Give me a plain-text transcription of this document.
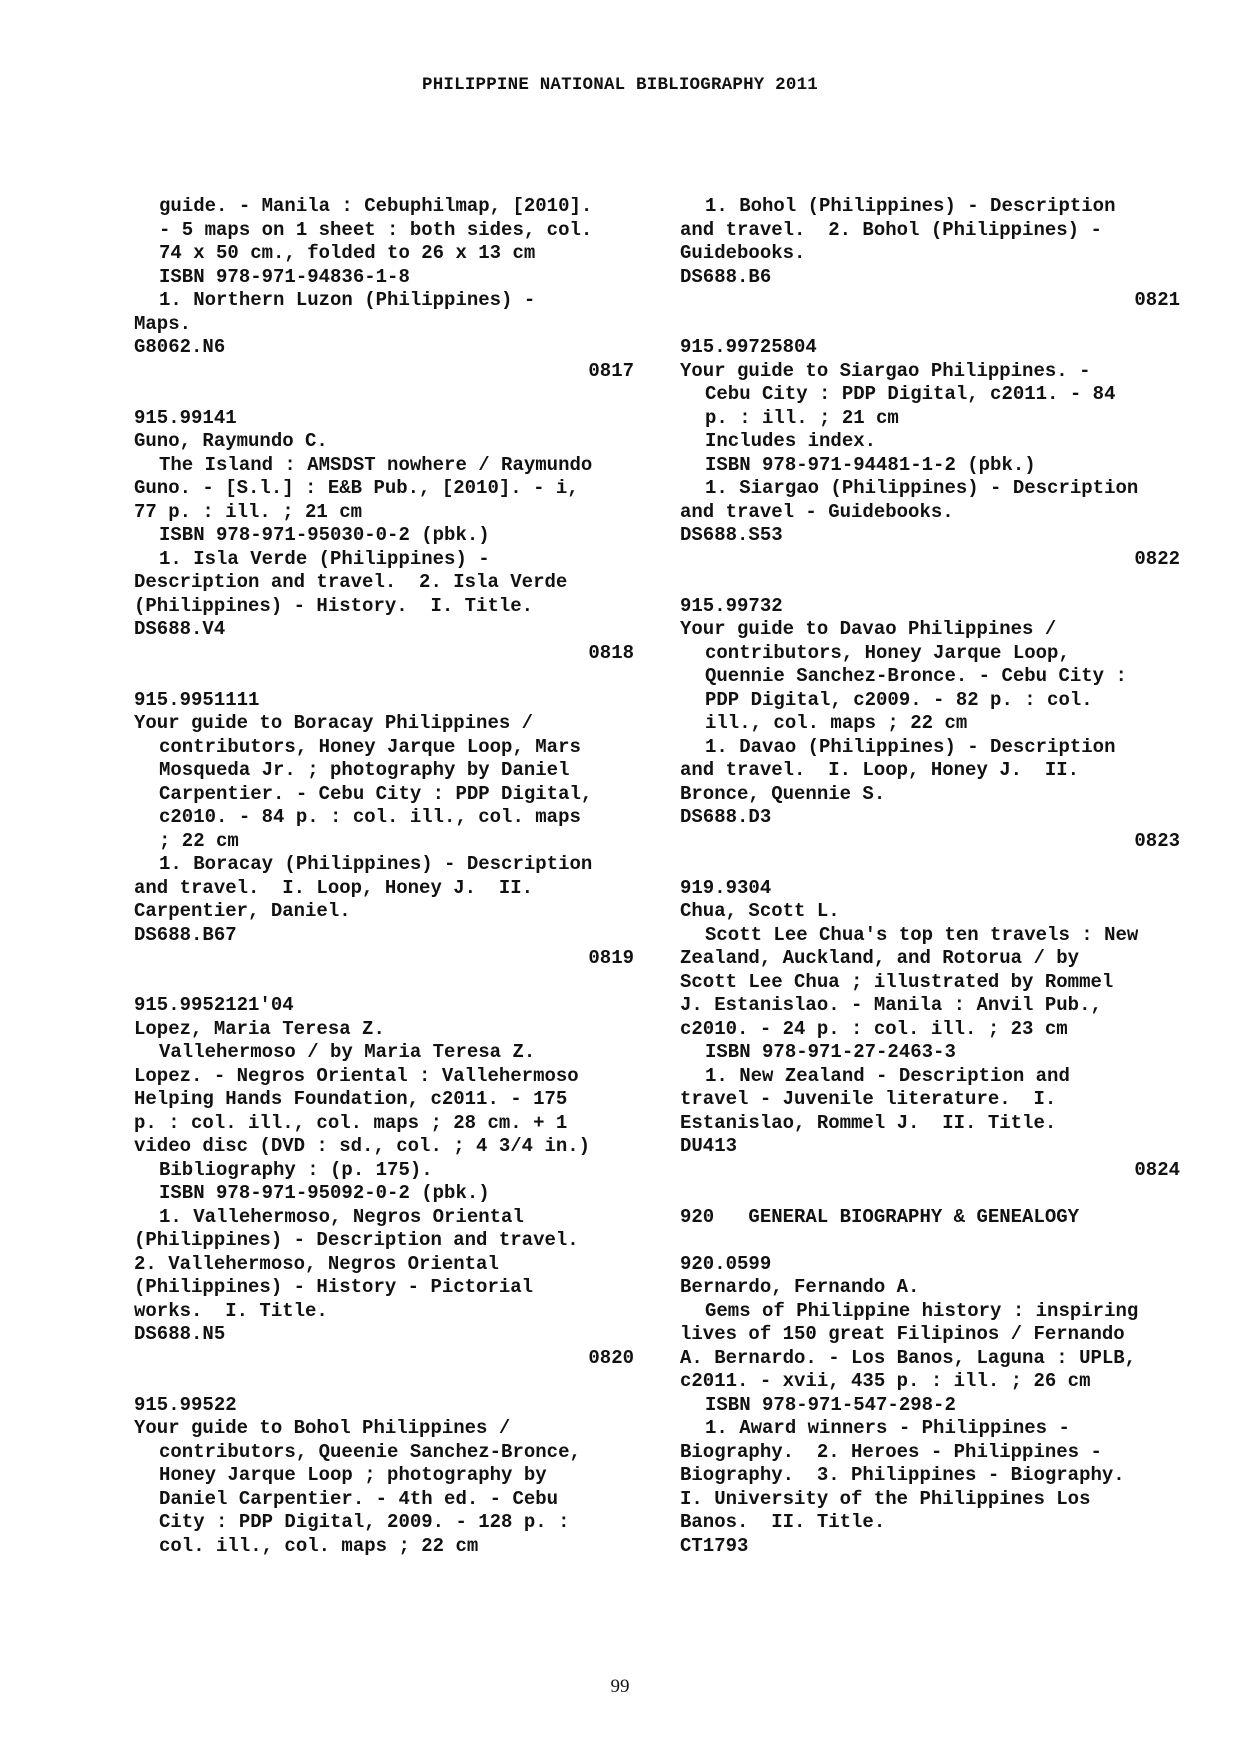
PHILIPPINE NATIONAL BIBLIOGRAPHY 2011
guide. - Manila : Cebuphilmap, [2010].
- 5 maps on 1 sheet : both sides, col.
74 x 50 cm., folded to 26 x 13 cm
ISBN 978-971-94836-1-8
1. Northern Luzon (Philippines) -
Maps.
G8062.N6
0817
915.99141
Guno, Raymundo C.
The Island : AMSDST nowhere / Raymundo
Guno. - [S.l.] : E&B Pub., [2010]. - i,
77 p. : ill. ; 21 cm
ISBN 978-971-95030-0-2 (pbk.)
1. Isla Verde (Philippines) -
Description and travel.  2. Isla Verde
(Philippines) - History.  I. Title.
DS688.V4
0818
915.9951111
Your guide to Boracay Philippines /
contributors, Honey Jarque Loop, Mars
Mosqueda Jr. ; photography by Daniel
Carpentier. - Cebu City : PDP Digital,
c2010. - 84 p. : col. ill., col. maps
; 22 cm
1. Boracay (Philippines) - Description
and travel.  I. Loop, Honey J.  II.
Carpentier, Daniel.
DS688.B67
0819
915.9952121'04
Lopez, Maria Teresa Z.
Vallehermoso / by Maria Teresa Z.
Lopez. - Negros Oriental : Vallehermoso
Helping Hands Foundation, c2011. - 175
p. : col. ill., col. maps ; 28 cm. + 1
video disc (DVD : sd., col. ; 4 3/4 in.)
Bibliography : (p. 175).
ISBN 978-971-95092-0-2 (pbk.)
1. Vallehermoso, Negros Oriental
(Philippines) - Description and travel.
2. Vallehermoso, Negros Oriental
(Philippines) - History - Pictorial
works.  I. Title.
DS688.N5
0820
915.99522
Your guide to Bohol Philippines /
contributors, Queenie Sanchez-Bronce,
Honey Jarque Loop ; photography by
Daniel Carpentier. - 4th ed. - Cebu
City : PDP Digital, 2009. - 128 p. :
col. ill., col. maps ; 22 cm
1. Bohol (Philippines) - Description
and travel.  2. Bohol (Philippines) -
Guidebooks.
DS688.B6
0821
915.99725804
Your guide to Siargao Philippines. -
Cebu City : PDP Digital, c2011. - 84
p. : ill. ; 21 cm
Includes index.
ISBN 978-971-94481-1-2 (pbk.)
1. Siargao (Philippines) - Description
and travel - Guidebooks.
DS688.S53
0822
915.99732
Your guide to Davao Philippines /
contributors, Honey Jarque Loop,
Quennie Sanchez-Bronce. - Cebu City :
PDP Digital, c2009. - 82 p. : col.
ill., col. maps ; 22 cm
1. Davao (Philippines) - Description
and travel.  I. Loop, Honey J.  II.
Bronce, Quennie S.
DS688.D3
0823
919.9304
Chua, Scott L.
Scott Lee Chua's top ten travels : New
Zealand, Auckland, and Rotorua / by
Scott Lee Chua ; illustrated by Rommel
J. Estanislao. - Manila : Anvil Pub.,
c2010. - 24 p. : col. ill. ; 23 cm
ISBN 978-971-27-2463-3
1. New Zealand - Description and
travel - Juvenile literature.  I.
Estanislao, Rommel J.  II. Title.
DU413
0824
920   GENERAL BIOGRAPHY & GENEALOGY
920.0599
Bernardo, Fernando A.
Gems of Philippine history : inspiring
lives of 150 great Filipinos / Fernando
A. Bernardo. - Los Banos, Laguna : UPLB,
c2011. - xvii, 435 p. : ill. ; 26 cm
ISBN 978-971-547-298-2
1. Award winners - Philippines -
Biography.  2. Heroes - Philippines -
Biography.  3. Philippines - Biography.
I. University of the Philippines Los
Banos.  II. Title.
CT1793
99
